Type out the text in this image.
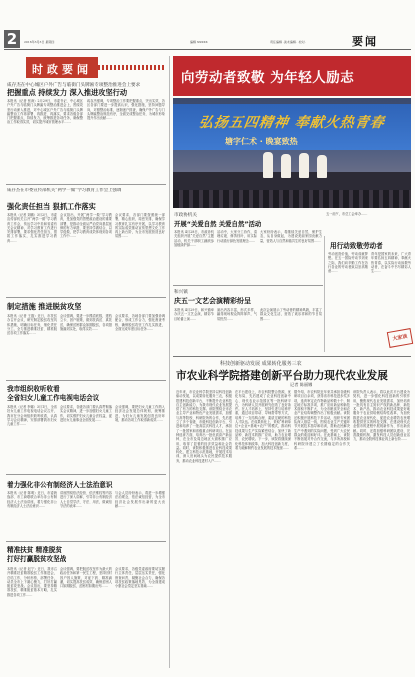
2	2016年3月3日 星期四	编辑 XXXXX	责任编辑 ·美术编辑· ·校对·	要闻
时政要闻
咸存杰在中心城区户外广告与临街门头牌匾专项整治推进会上要求
把握重点 持续发力 深入推进攻坚行动
本报讯（记者 张涛）2月29日，市委书记、中心城区户外广告与临街门头牌匾专项整治推进会上，围绕攻坚行动深入推进，对中心城区户外广告与临街门头牌匾整治工作再部署、再推进、再落实，要求各级各部门把握重点，持续发力，统筹推进各项任务，确保整治工作取得实效，切实提升城市管理水平……
咸存杰强调，专项整治工作要把握重点，突出实效，各区各部门要进一步提高认识，强化措施，坚持问题导向，对照整治标准，逐街逐户排查，确保户外广告与门头牌匾整治规范有序，全面完成整治任务，为城市形象提升作出贡献……
咸存杰在市委宣传部机关“两学一做”学习教育工作会上强调
强化责任担当 狠抓工作落实
本报讯（记者 刘鹏）3月2日，市委宣传部机关召开“两学一做”学习教育工作会，传达学习中央和省委有关会议精神，对学习教育工作进行安排部署，要求强化责任担当，狠抓工作落实，扎实推进学习教育……
会议指出，开展“两学一做”学习教育，是加强党的思想政治建设的重要部署，是推动全面从严治党向基层延伸的有力举措，要坚持学做结合，以学促做，把学习教育成效体现到各项工作中……
会议要求，各部门要按照统一部署，精心组织，周密安排，确保学习教育扎实有序开展，以学习教育的实际成效推动宣传思想文化工作再上新台阶，为全市发展营造良好氛围……
制定措施 推进脱贫攻坚
本报讯（记者 王磊）近日，市扶贫办召开会议，研究制定脱贫攻坚具体措施，明确目标任务，细化责任分工，全力推进精准扶贫、精准脱贫各项工作落实……
会议强调，要进一步摸清底数，建档立卡，因户施策，做到扶真贫、真扶贫，确保贫困群众如期脱贫，各项措施落到实处，取得实效……
会议要求，各地各部门要加强协调配合，形成工作合力，强化督查考核，确保脱贫攻坚工作扎实推进，全面完成年度目标任务……
我市组织收听收看
全省妇女儿童工作电视电话会议
本报讯（记者 李娜）3月1日，全省妇女儿童工作电视电话会议召开，我市在分会场组织收听收看，认真学习会议精神，安排部署我市妇女儿童工作……
会议要求，各级各部门要认真贯彻落实会议精神，进一步加强妇女儿童工作，切实维护妇女儿童合法权益，促进妇女儿童事业全面发展……
会议强调，要把妇女儿童工作纳入经济社会发展总体规划，统筹推进，为妇女儿童发展创造良好环境，推动各项工作取得新成效……
着力强化非公有制经济人士法治意识
本报讯（记者 陈明）近日，市委统战部、市工商联联合举办非公有制经济人士法治讲座，着力强化非公有制经济人士法治意识……
讲座围绕依法经营、依法维权等内容进行了深入讲解，引导非公有制经济人士自觉学法、守法、用法，做诚信守法的表率……
与会人员纷纷表示，将进一步增强法治观念，依法诚信经营，为全市经济社会发展作出新的更大贡献……
精准扶贫 精准脱贫
打好打赢脱贫攻坚战
本报讯（记者 赵宁）近日，我市召开精准扶贫精准脱贫工作推进会，总结工作，分析形势，部署任务，动员全市上下凝心聚力，打好打赢脱贫攻坚战。会议指出，要坚持精准扶贫、精准脱贫基本方略，扎实推进各项工作……
会议强调，要把脱贫攻坚作为最大的政治任务和第一民生工程，坚持因村因户因人施策，对症下药、精准滴灌，切实提高扶贫成效，确保贫困人口如期脱贫，贫困村如期出列……
会议要求，各级党委政府要切实履行主体责任，层层压实责任，强化督查问责，凝聚社会合力，确保各项扶贫政策落地见效，为全面建成小康社会奠定坚实基础……
向劳动者致敬 为年轻人励志
弘扬五四精神 奉献火热青春
塘字仁术 · 晚宴致热
五一前夕，市总工会举办……
市政协机关
开展“关爱自然 关爱自然”活动
本报讯 4月28日，市政协机关组织开展“关爱自然”主题活动，机关干部职工踊跃参加植绿护绿……
活动中，大家分工协作，清理垃圾、修剪枝叶，用实际行动践行绿色发展理念……
大家纷纷表示，将继续关爱自然，保护生态，从自身做起，为建设美丽家园贡献力量，营造人与自然和谐共生的良好氛围……
和兴镇
庆五一文艺会演精彩纷呈
本报讯 4月29日，和兴镇举办庆五一文艺会演，精彩节目轮番上演……
演出内容丰富，形式多样，赢得现场观众阵阵掌声，气氛热烈……
此次会演展示了劳动者的精神风貌，丰富了群众文化生活，营造了欢乐祥和的节日氛围……
用行动致敬劳动者
劳动创造价值，劳动成就梦想。在五一国际劳动节到来之际，我们向辛勤工作在各行各业的劳动者致以崇高敬意……
青年是国家的未来，广大青年要弘扬五四精神，奉献火热青春，以实际行动致敬劳动者，在奋斗中书写精彩人生……
大家谈
科技创新驱动发展 成果转化服务三农
市农业科学院搭建创新平台助力现代农业发展
记者 陈丽娜
近年来，市农业科学院坚持以科技创新驱动发展，以成果转化服务三农，积极搭建科技创新平台，不断提升农业科技自主创新能力，为我市现代农业发展提供了有力的科技支撑。该院围绕全市农业主导产业和特色产业发展需求，加强与高等院校、科研院所的合作，先后建立了多个省级、市级科技创新平台，引进和培养了一批高层次科技人才，承担了一批国家和省级重点科研项目。在品种选育方面，培育出一批优质高产新品种，在全市及周边地区大面积推广应用，取得了显著的经济效益和社会效益。同时，该院积极推进农业科技成果转化，建立科技示范基地，开展技术培训，深入田间地头为农民提供技术服务，推动农业科技进村入户……
在平台建设上，市农科院整合资源，优化布局，先后建成了农业科技创新中心、现代农业示范园区等一批科研平台，为科研人员开展研究创造了良好条件。在人才培养上，坚持引进与培养并重，通过项目带动、导师帮带等方式，培养了一支结构合理、素质过硬的科技人才队伍。在成果转化上，采取“科研单位+企业+基地+农户”的模式，推动科技成果与生产实际紧密结合，加快了新品种、新技术的推广应用，助力农业增效、农民增收。下一步，该院将继续深化科技体制改革，加大科技创新力度，着力破解制约农业发展的技术瓶颈……
据介绍，市农科院近年来共承担各级科研项目百余项，获得省市科技进步奖多项，选育审定农作物新品种数十个，制定地方标准多项，推广应用新品种新技术面积不断扩大，为全市粮食安全和农业产业结构调整作出了积极贡献。该院还积极开展科技下乡活动，组织专家团队深入基层一线，围绕农业生产关键环节开展技术指导和培训，帮助农民解决生产中遇到的实际问题，受到广大农民群众的欢迎和好评。在此基础上，该院不断拓展对外合作交流，与多所高校和科研院所建立了长期稳定的合作关系……
该院负责人表示，将以此次平台建设为契机，进一步强化科技创新的引领作用，聚焦现代农业发展需求，加快培育一批具有自主知识产权的新品种、新技术、新产品，推动农业科技成果更好地服务于农业供给侧结构性改革，为加快推进农业现代化、促进农业增效农民增收提供坚实的科技支撑，在建设现代农业强市的进程中展现新作为、作出新贡献。同时，还将加强科研团队建设，完善激励机制，激发科技人员创新创业活力，推动全院科技事业再上新台阶……
